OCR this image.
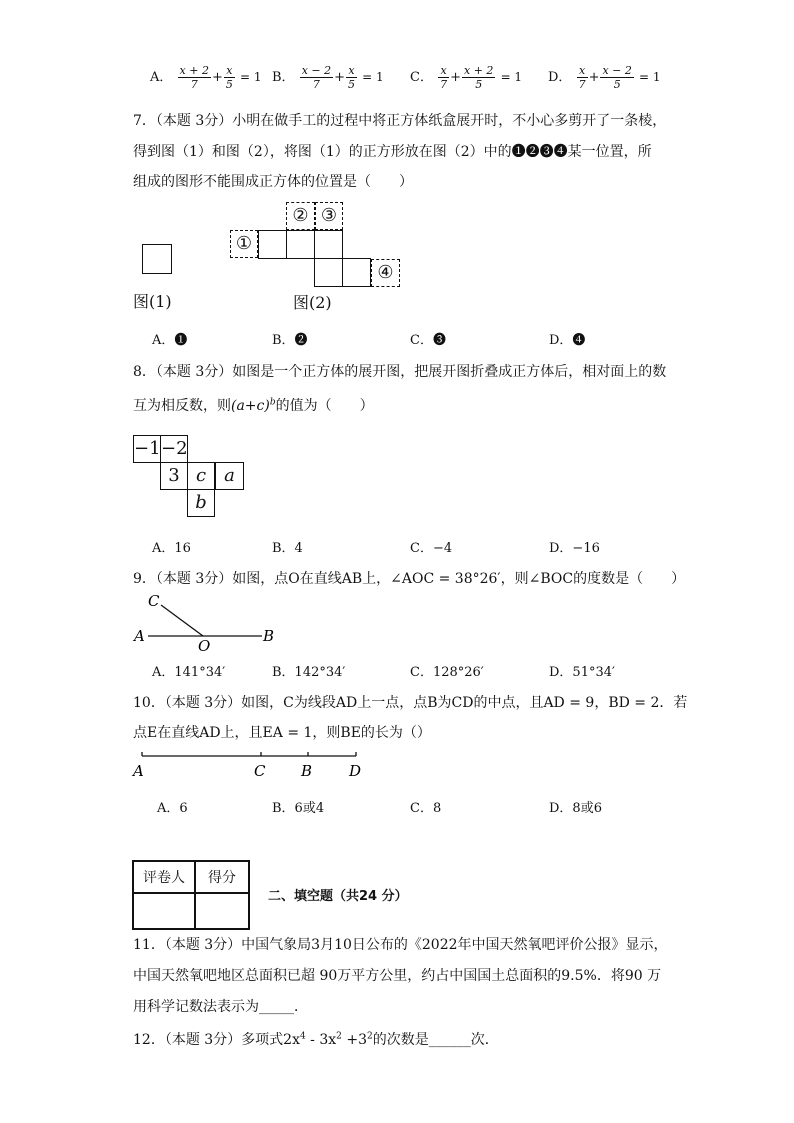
A． $\frac{x + 2}{7} + \frac{x}{5} = 1$ B． $\frac{x - 2}{7} + \frac{x}{5} = 1$ C． $\frac{x}{7} + \frac{x + 2}{5} = 1$ D． $\frac{x}{7} + \frac{x - 2}{5} = 1$
7．（本题 3分）小明在做手工的过程中将正方体纸盒展开时，不小心多剪开了一条棱，
得到图（1）和图（2），将图（1）的正方形放在图（2）中的❶❷❸❹某一位置，所
组成的图形不能围成正方体的位置是（　　）
图(1)
①
② ③
④
图(2)
A．❶	B．❷	C．❸	D．❹
8．（本题 3分）如图是一个正方体的展开图，把展开图折叠成正方体后，相对面上的数
互为相反数，则$(a+c)^b$的值为（　　）
−1 −2
3 c	a
b
A．16	B．4	C．−4	D．−16
9．（本题 3分）如图，点O在直线AB上，∠AOC = 38°26′，则∠BOC的度数是（　　）
C
A
O
B
A．141°34′	B．142°34′	C．128°26′	D．51°34′
10．（本题 3分）如图，C为线段AD上一点，点B为CD的中点，且AD = 9，BD = 2．若
点E在直线AD上，且EA = 1，则BE的长为（）
A	C B D
A．6	B．6或4	C．8	D．8或6
评卷人	得分

二、填空题（共24 分）
11．（本题 3分）中国气象局3月10日公布的《2022年中国天然氧吧评价公报》显示，
中国天然氧吧地区总面积已超 90万平方公里，约占中国国土总面积的9.5%．将90 万
用科学记数法表示为_____．
12．（本题 3分）多项式$2x^4 - 3x^2 +3^2$的次数是______次．
